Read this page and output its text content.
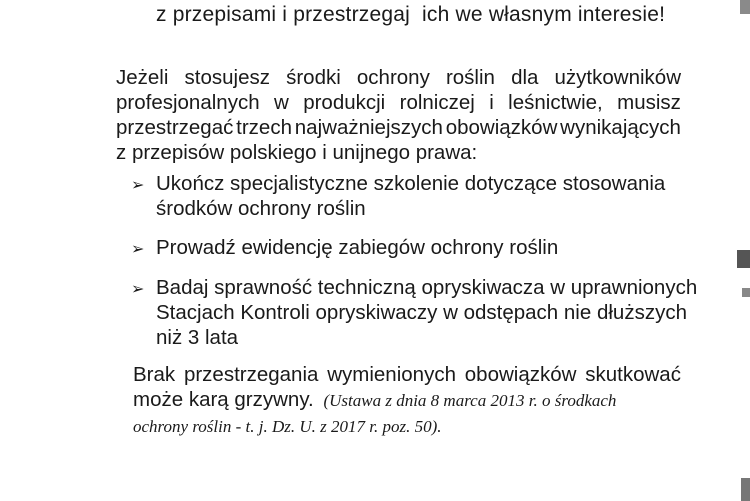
z przepisami i przestrzegaj  ich we własnym interesie!
Jeżeli stosujesz środki ochrony roślin dla użytkowników
profesjonalnych w produkcji rolniczej i leśnictwie, musisz
przestrzegać trzech najważniejszych obowiązków wynikających
z przepisów polskiego i unijnego prawa:
➢ Ukończ specjalistyczne szkolenie dotyczące stosowania
środków ochrony roślin
➢ Prowadź ewidencję zabiegów ochrony roślin
➢ Badaj sprawność techniczną opryskiwacza w uprawnionych
Stacjach Kontroli opryskiwaczy w odstępach nie dłuższych
niż 3 lata
Brak przestrzegania wymienionych obowiązków skutkować
może karą grzywny. (Ustawa z dnia 8 marca 2013 r. o środkach
ochrony roślin - t. j. Dz. U. z 2017 r. poz. 50).
